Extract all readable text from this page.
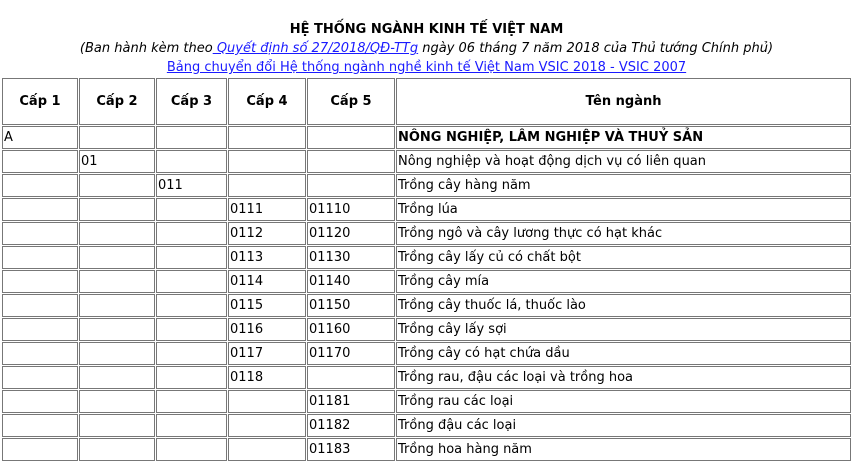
HỆ THỐNG NGÀNH KINH TẾ VIỆT NAM
(Ban hành kèm theo Quyết định số 27/2018/QĐ-TTg ngày 06 tháng 7 năm 2018 của Thủ tướng Chính phủ)
Bảng chuyển đổi Hệ thống ngành nghề kinh tế Việt Nam VSIC 2018 - VSIC 2007
Cấp 1	Cấp 2	Cấp 3	Cấp 4	Cấp 5	Tên ngành
A					NÔNG NGHIỆP, LÂM NGHIỆP VÀ THUỶ SẢN
	01				Nông nghiệp và hoạt động dịch vụ có liên quan
		011			Trồng cây hàng năm
			0111	01110	Trồng lúa
			0112	01120	Trồng ngô và cây lương thực có hạt khác
			0113	01130	Trồng cây lấy củ có chất bột
			0114	01140	Trồng cây mía
			0115	01150	Trồng cây thuốc lá, thuốc lào
			0116	01160	Trồng cây lấy sợi
			0117	01170	Trồng cây có hạt chứa dầu
			0118		Trồng rau, đậu các loại và trồng hoa
				01181	Trồng rau các loại
				01182	Trồng đậu các loại
				01183	Trồng hoa hàng năm
